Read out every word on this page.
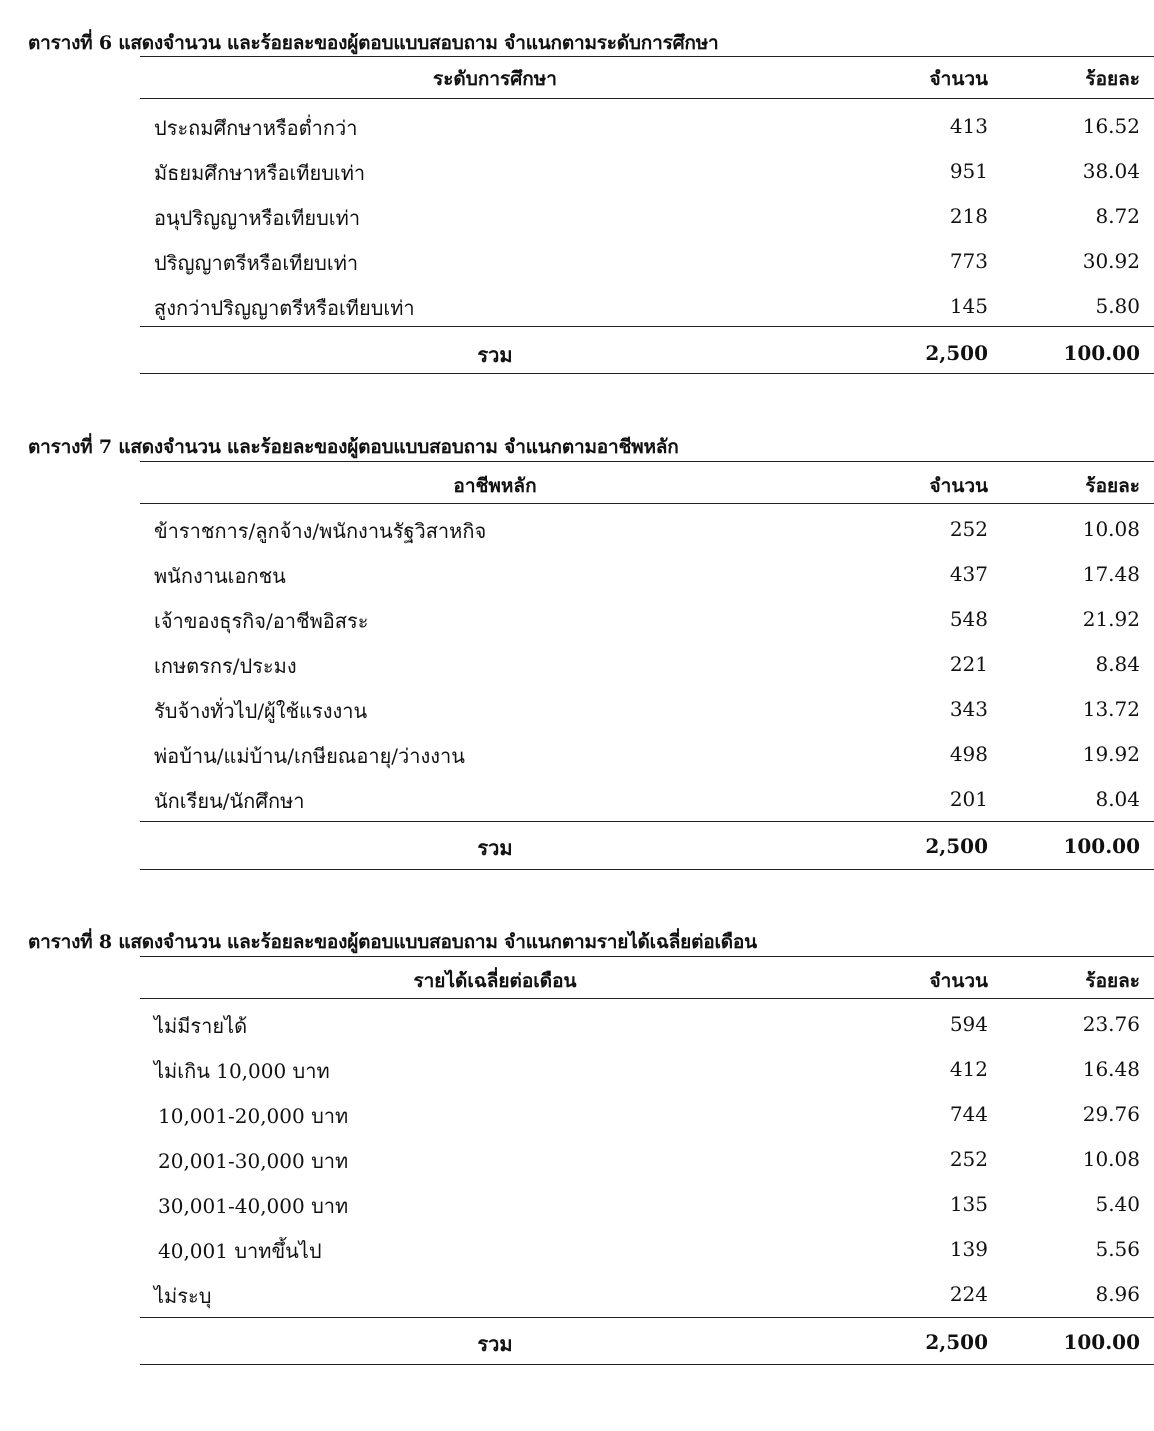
ตารางที่ 6 แสดงจำนวน และร้อยละของผู้ตอบแบบสอบถาม จำแนกตามระดับการศึกษา
ระดับการศึกษา	จำนวน	ร้อยละ
ประถมศึกษาหรือต่ำกว่า	413	16.52
มัธยมศึกษาหรือเทียบเท่า	951	38.04
อนุปริญญาหรือเทียบเท่า	218	8.72
ปริญญาตรีหรือเทียบเท่า	773	30.92
สูงกว่าปริญญาตรีหรือเทียบเท่า	145	5.80
รวม	2,500	100.00
ตารางที่ 7 แสดงจำนวน และร้อยละของผู้ตอบแบบสอบถาม จำแนกตามอาชีพหลัก
อาชีพหลัก	จำนวน	ร้อยละ
ข้าราชการ/ลูกจ้าง/พนักงานรัฐวิสาหกิจ	252	10.08
พนักงานเอกชน	437	17.48
เจ้าของธุรกิจ/อาชีพอิสระ	548	21.92
เกษตรกร/ประมง	221	8.84
รับจ้างทั่วไป/ผู้ใช้แรงงาน	343	13.72
พ่อบ้าน/แม่บ้าน/เกษียณอายุ/ว่างงาน	498	19.92
นักเรียน/นักศึกษา	201	8.04
รวม	2,500	100.00
ตารางที่ 8 แสดงจำนวน และร้อยละของผู้ตอบแบบสอบถาม จำแนกตามรายได้เฉลี่ยต่อเดือน
รายได้เฉลี่ยต่อเดือน	จำนวน	ร้อยละ
ไม่มีรายได้	594	23.76
ไม่เกิน 10,000 บาท	412	16.48
10,001-20,000 บาท	744	29.76
20,001-30,000 บาท	252	10.08
30,001-40,000 บาท	135	5.40
40,001 บาทขึ้นไป	139	5.56
ไม่ระบุ	224	8.96
รวม	2,500	100.00
